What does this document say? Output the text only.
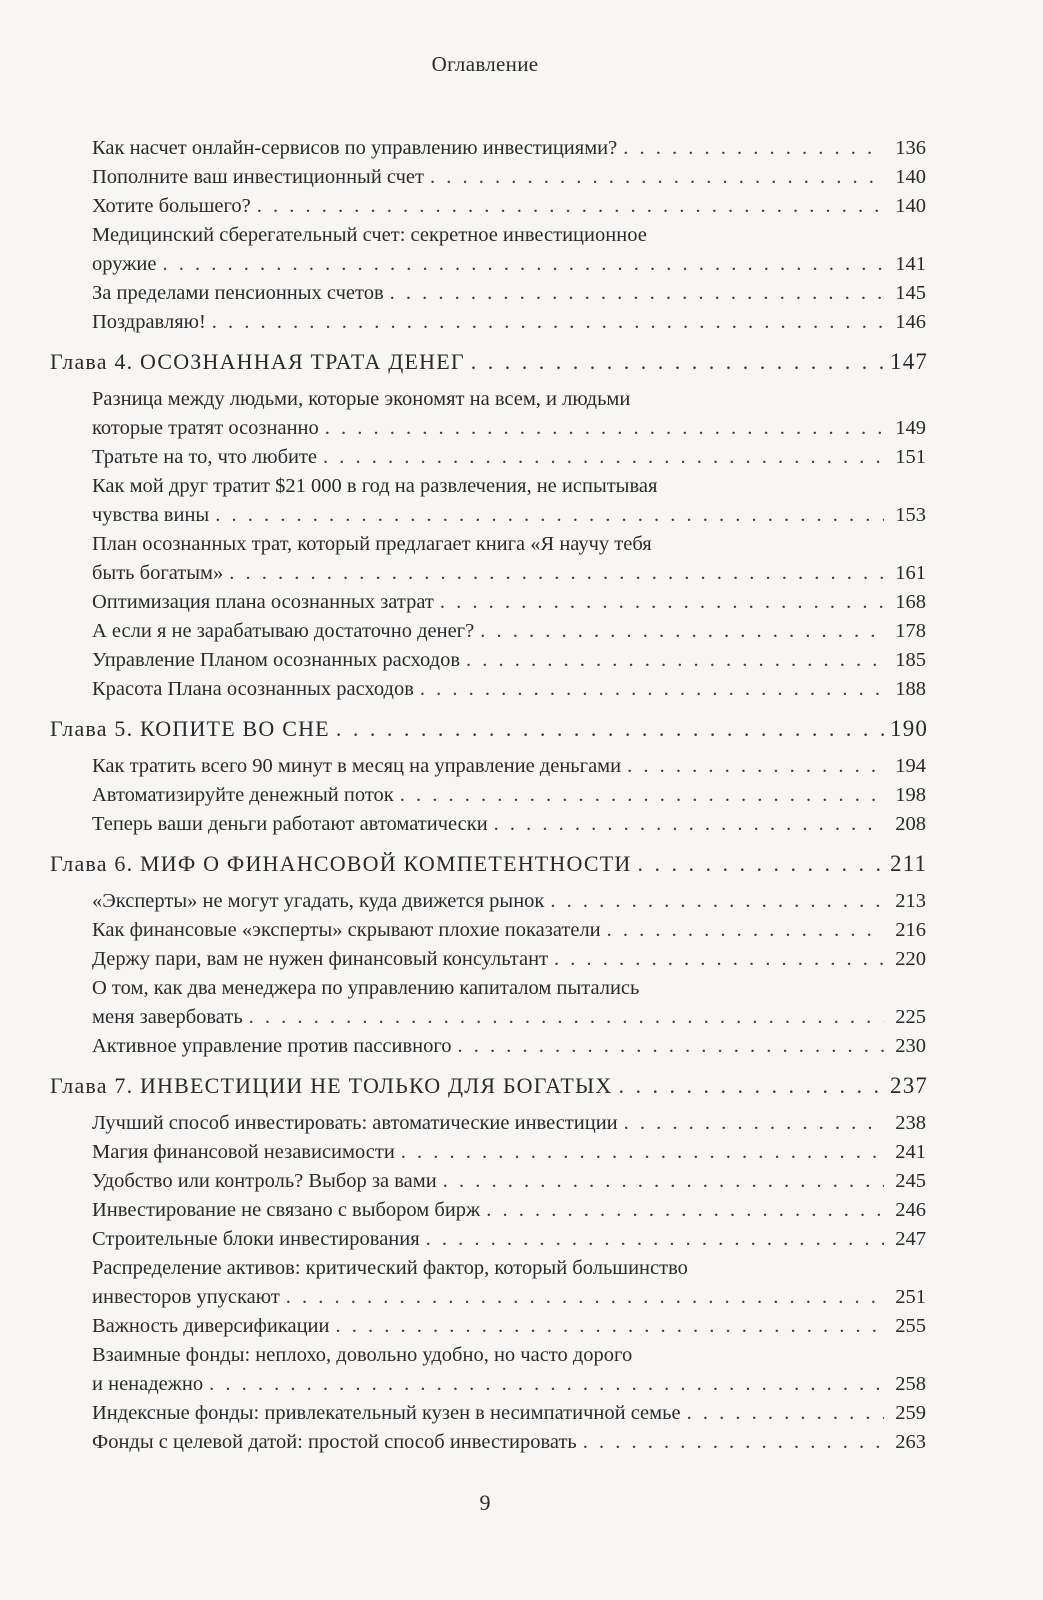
Оглавление
Как насчет онлайн-сервисов по управлению инвестициями? . . .	136
Пополните ваш инвестиционный счет . . .	140
Хотите большего? . . .	140
Медицинский сберегательный счет: секретное инвестиционное
оружие . . .	141
За пределами пенсионных счетов . . .	145
Поздравляю! . . .	146
Глава 4. ОСОЗНАННАЯ ТРАТА ДЕНЕГ . . .	147
Разница между людьми, которые экономят на всем, и людьми
которые тратят осознанно . . .	149
Тратьте на то, что любите . . .	151
Как мой друг тратит $21 000 в год на развлечения, не испытывая
чувства вины . . .	153
План осознанных трат, который предлагает книга «Я научу тебя
быть богатым» . . .	161
Оптимизация плана осознанных затрат . . .	168
А если я не зарабатываю достаточно денег? . . .	178
Управление Планом осознанных расходов . . .	185
Красота Плана осознанных расходов . . .	188
Глава 5. КОПИТЕ ВО СНЕ . . .	190
Как тратить всего 90 минут в месяц на управление деньгами . . .	194
Автоматизируйте денежный поток . . .	198
Теперь ваши деньги работают автоматически . . .	208
Глава 6. МИФ О ФИНАНСОВОЙ КОМПЕТЕНТНОСТИ . . .	211
«Эксперты» не могут угадать, куда движется рынок . . .	213
Как финансовые «эксперты» скрывают плохие показатели . . .	216
Держу пари, вам не нужен финансовый консультант . . .	220
О том, как два менеджера по управлению капиталом пытались
меня завербовать . . .	225
Активное управление против пассивного . . .	230
Глава 7. ИНВЕСТИЦИИ НЕ ТОЛЬКО ДЛЯ БОГАТЫХ . . .	237
Лучший способ инвестировать: автоматические инвестиции . . .	238
Магия финансовой независимости . . .	241
Удобство или контроль? Выбор за вами . . .	245
Инвестирование не связано с выбором бирж . . .	246
Строительные блоки инвестирования . . .	247
Распределение активов: критический фактор, который большинство
инвесторов упускают . . .	251
Важность диверсификации . . .	255
Взаимные фонды: неплохо, довольно удобно, но часто дорого
и ненадежно . . .	258
Индексные фонды: привлекательный кузен в несимпатичной семье . . .	259
Фонды с целевой датой: простой способ инвестировать . . .	263
9
